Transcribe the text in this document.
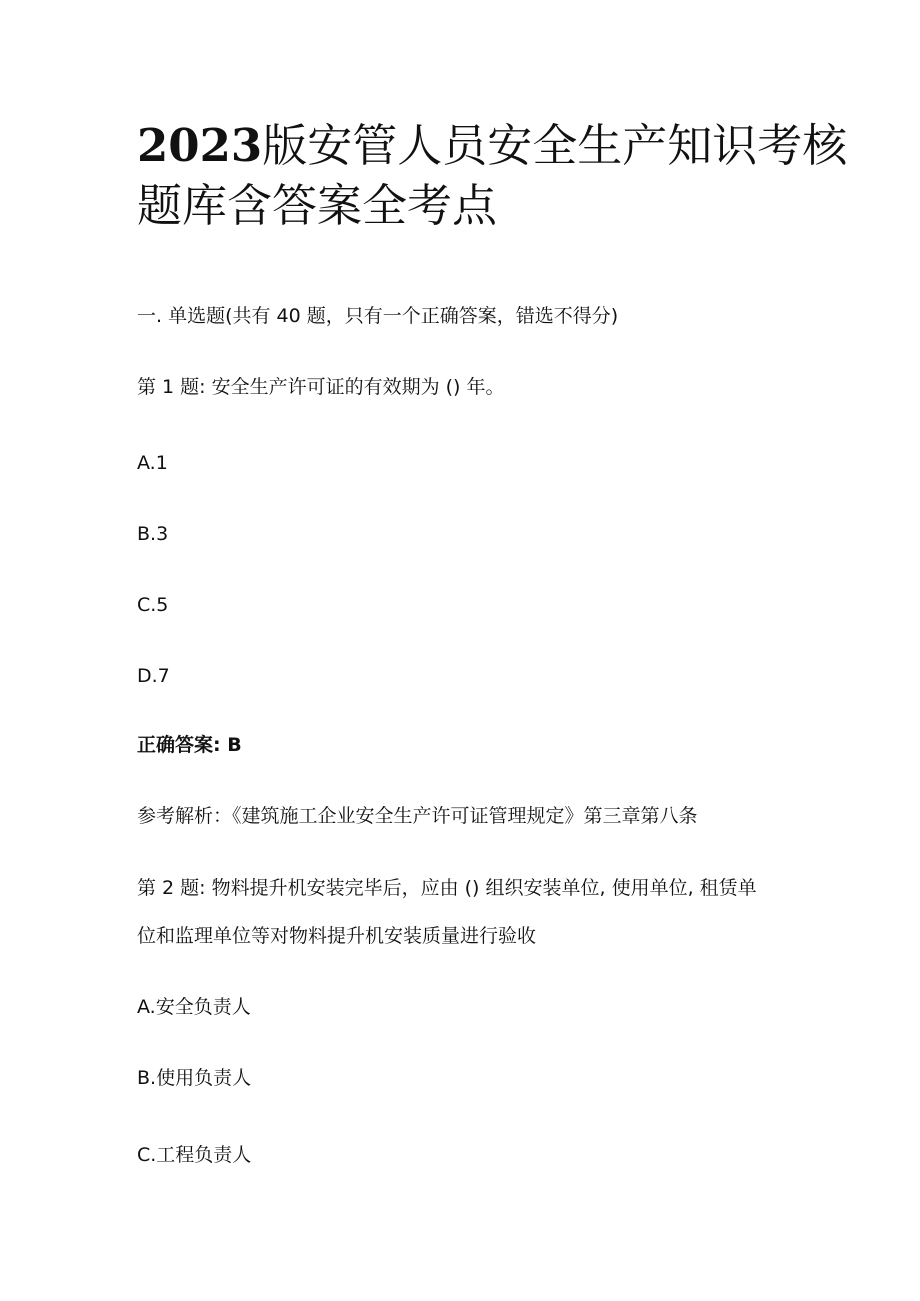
2023版安管人员安全生产知识考核
题库含答案全考点
一. 单选题(共有 40 题，只有一个正确答案，错选不得分)
第 1 题: 安全生产许可证的有效期为 () 年。
A.1
B.3
C.5
D.7
正确答案: B
参考解析：《建筑施工企业安全生产许可证管理规定》第三章第八条
第 2 题: 物料提升机安装完毕后，应由 () 组织安装单位, 使用单位, 租赁单
位和监理单位等对物料提升机安装质量进行验收
A.安全负责人
B.使用负责人
C.工程负责人
